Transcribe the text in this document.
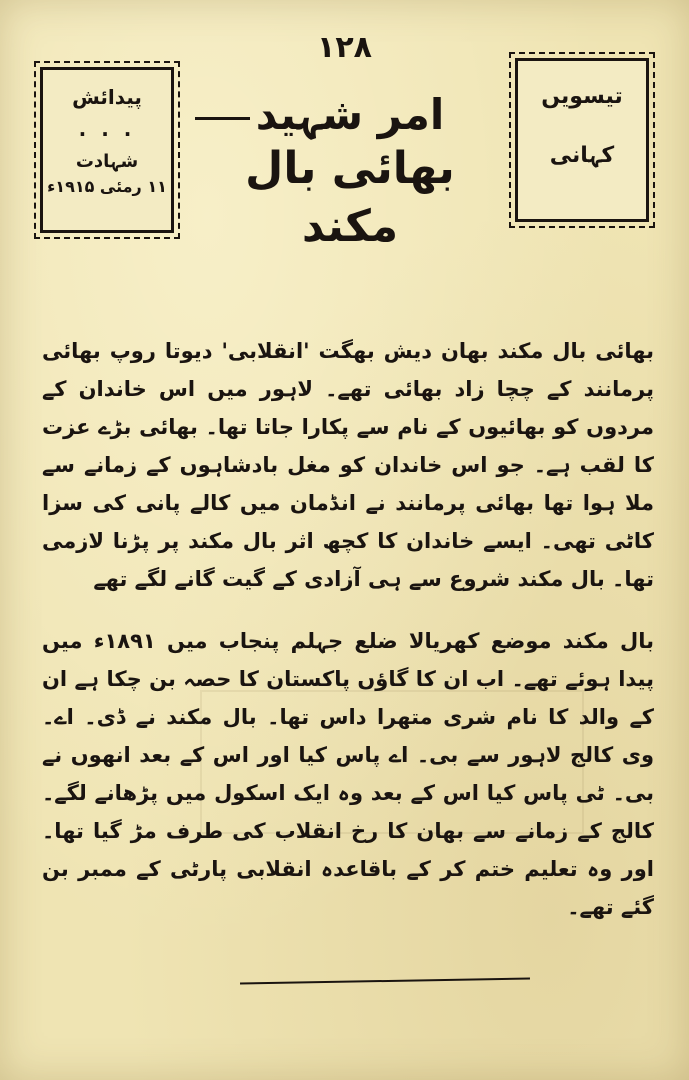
۱۲۸
پیدائش
. . .
شہادت
۱۱ رمئی ۱۹۱۵ء
تیسویں
کہانی
امر شہید
بھائی بال مکند

بھائی بال مکند بھان دیش بھگت 'انقلابی' دیوتا روپ بھائی پرمانند کے چچا زاد بھائی تھے۔ لاہور میں اس خاندان کے مردوں کو بھائیوں کے نام سے پکارا جاتا تھا۔ بھائی بڑے عزت کا لقب ہے۔ جو اس خاندان کو مغل بادشاہوں کے زمانے سے ملا ہوا تھا بھائی پرمانند نے انڈمان میں کالے پانی کی سزا کاٹی تھی۔ ایسے خاندان کا کچھ اثر بال مکند پر پڑنا لازمی تھا۔ بال مکند شروع سے ہی آزادی کے گیت گانے لگے تھے

بال مکند موضع کھریالا ضلع جہلم پنجاب میں ۱۸۹۱ء میں پیدا ہوئے تھے۔ اب ان کا گاؤں پاکستان کا حصہ بن چکا ہے ان کے والد کا نام شری متھرا داس تھا۔ بال مکند نے ڈی۔ اے۔ وی کالج لاہور سے بی۔ اے پاس کیا اور اس کے بعد انھوں نے بی۔ ٹی پاس کیا اس کے بعد وہ ایک اسکول میں پڑھانے لگے۔ کالج کے زمانے سے بھان کا رخ انقلاب کی طرف مڑ گیا تھا۔ اور وہ تعلیم ختم کر کے باقاعدہ انقلابی پارٹی کے ممبر بن گئے تھے۔
